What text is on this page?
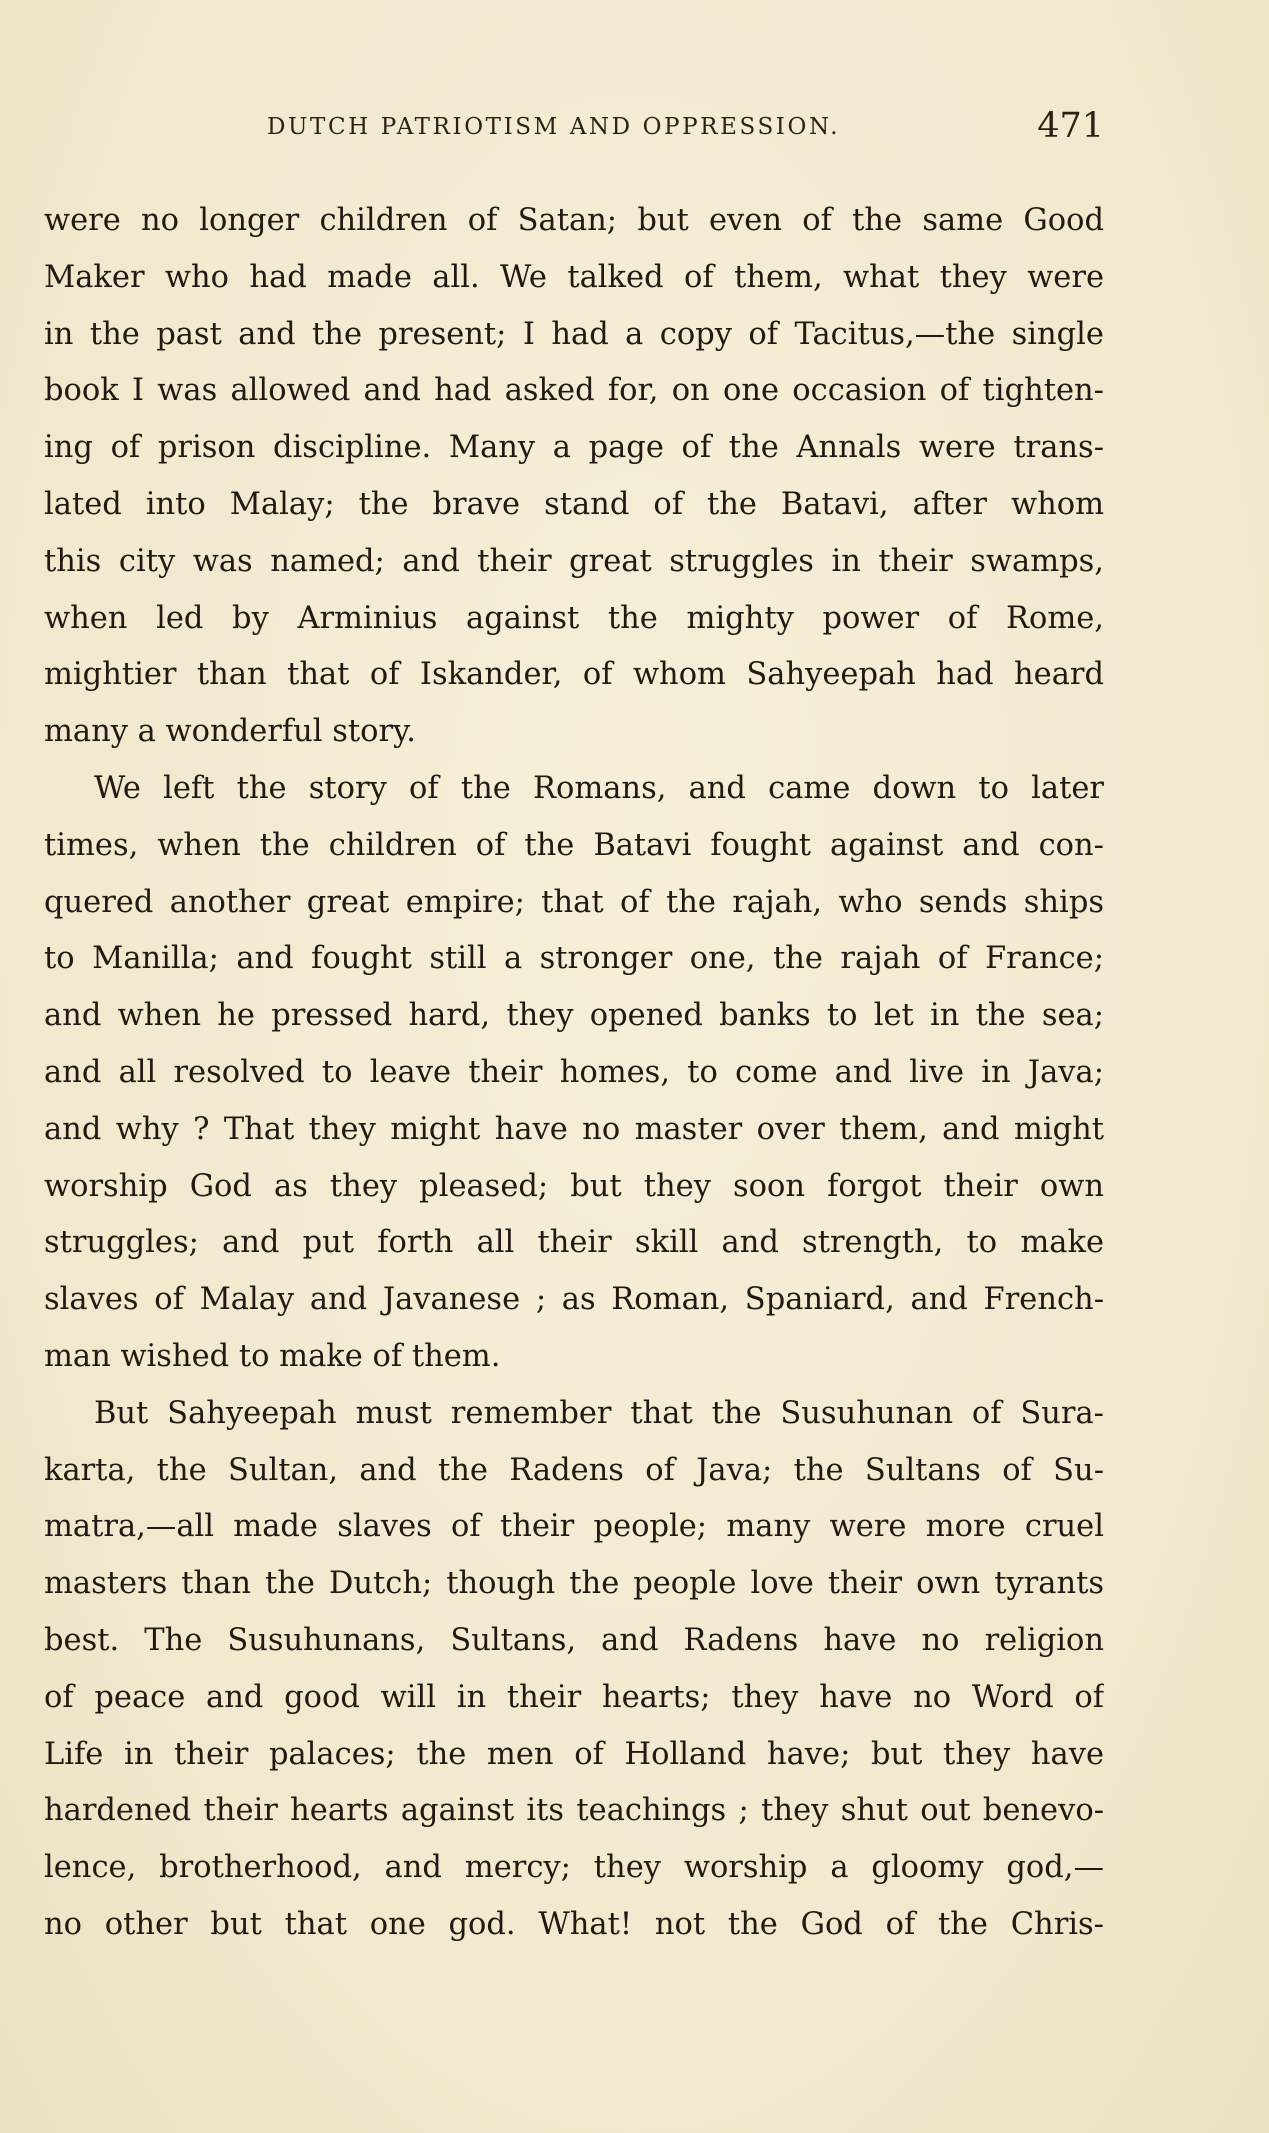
DUTCH PATRIOTISM AND OPPRESSION.	471
were no longer children of Satan; but even of the same Good
Maker who had made all. We talked of them, what they were
in the past and the present; I had a copy of Tacitus,—the single
book I was allowed and had asked for, on one occasion of tighten-
ing of prison discipline. Many a page of the Annals were trans-
lated into Malay; the brave stand of the Batavi, after whom
this city was named; and their great struggles in their swamps,
when led by Arminius against the mighty power of Rome,
mightier than that of Iskander, of whom Sahyeepah had heard
many a wonderful story.
We left the story of the Romans, and came down to later
times, when the children of the Batavi fought against and con-
quered another great empire; that of the rajah, who sends ships
to Manilla; and fought still a stronger one, the rajah of France;
and when he pressed hard, they opened banks to let in the sea;
and all resolved to leave their homes, to come and live in Java;
and why ? That they might have no master over them, and might
worship God as they pleased; but they soon forgot their own
struggles; and put forth all their skill and strength, to make
slaves of Malay and Javanese ; as Roman, Spaniard, and French-
man wished to make of them.
But Sahyeepah must remember that the Susuhunan of Sura-
karta, the Sultan, and the Radens of Java; the Sultans of Su-
matra,—all made slaves of their people; many were more cruel
masters than the Dutch; though the people love their own tyrants
best. The Susuhunans, Sultans, and Radens have no religion
of peace and good will in their hearts; they have no Word of
Life in their palaces; the men of Holland have; but they have
hardened their hearts against its teachings ; they shut out benevo-
lence, brotherhood, and mercy; they worship a gloomy god,—
no other but that one god. What! not the God of the Chris-
